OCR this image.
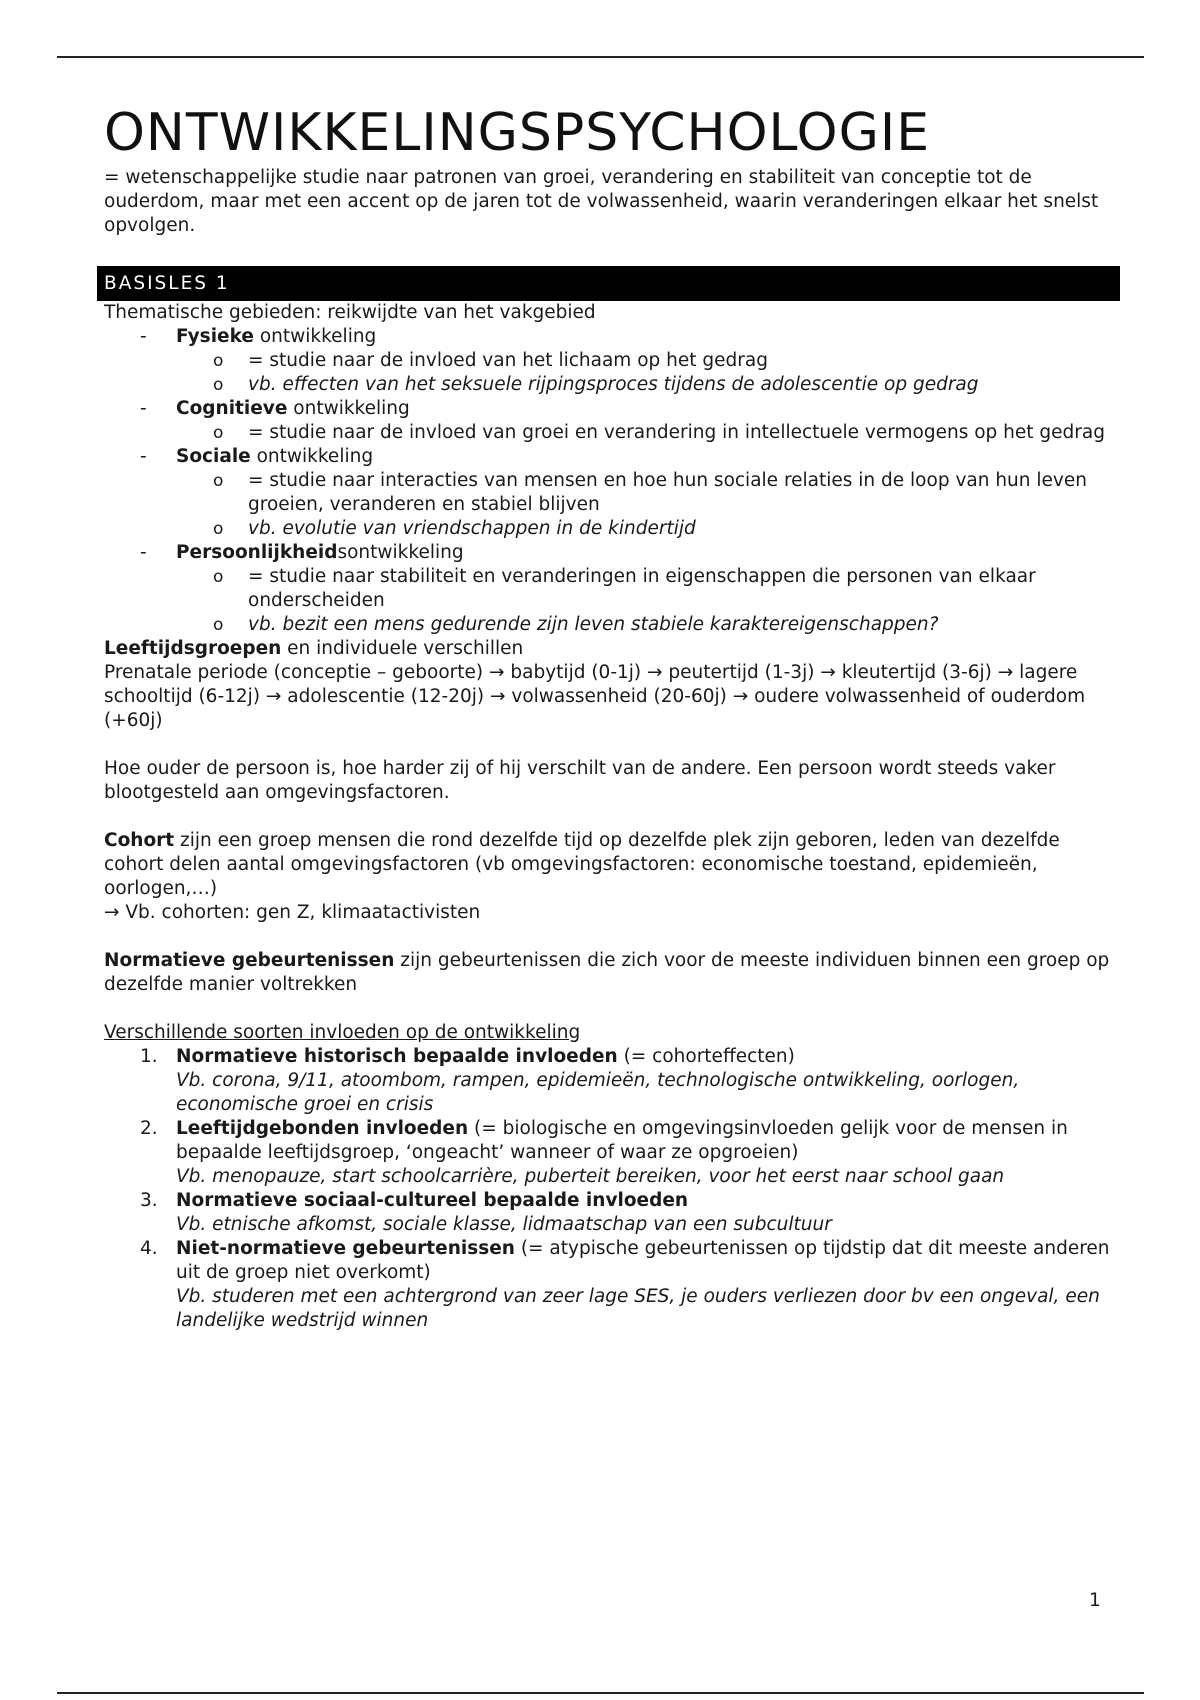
ONTWIKKELINGSPSYCHOLOGIE

= wetenschappelijke studie naar patronen van groei, verandering en stabiliteit van conceptie tot de ouderdom, maar met een accent op de jaren tot de volwassenheid, waarin veranderingen elkaar het snelst opvolgen.

BASISLES 1

Thematische gebieden: reikwijdte van het vakgebied

- Fysieke ontwikkeling
o = studie naar de invloed van het lichaam op het gedrag
o vb. effecten van het seksuele rijpingsproces tijdens de adolescentie op gedrag
- Cognitieve ontwikkeling
o = studie naar de invloed van groei en verandering in intellectuele vermogens op het gedrag
- Sociale ontwikkeling
o = studie naar interacties van mensen en hoe hun sociale relaties in de loop van hun leven groeien, veranderen en stabiel blijven
o vb. evolutie van vriendschappen in de kindertijd
- Persoonlijkheidsontwikkeling
o = studie naar stabiliteit en veranderingen in eigenschappen die personen van elkaar onderscheiden
o vb. bezit een mens gedurende zijn leven stabiele karaktereigenschappen?

Leeftijdsgroepen en individuele verschillen

Prenatale periode (conceptie – geboorte) → babytijd (0-1j) → peutertijd (1-3j) → kleutertijd (3-6j) → lagere schooltijd (6-12j) → adolescentie (12-20j) → volwassenheid (20-60j) → oudere volwassenheid of ouderdom (+60j)

Hoe ouder de persoon is, hoe harder zij of hij verschilt van de andere. Een persoon wordt steeds vaker blootgesteld aan omgevingsfactoren.

Cohort zijn een groep mensen die rond dezelfde tijd op dezelfde plek zijn geboren, leden van dezelfde cohort delen aantal omgevingsfactoren (vb omgevingsfactoren: economische toestand, epidemieën, oorlogen,…)

→ Vb. cohorten: gen Z, klimaatactivisten

Normatieve gebeurtenissen zijn gebeurtenissen die zich voor de meeste individuen binnen een groep op dezelfde manier voltrekken

Verschillende soorten invloeden op de ontwikkeling

1. Normatieve historisch bepaalde invloeden (= cohorteffecten)
Vb. corona, 9/11, atoombom, rampen, epidemieën, technologische ontwikkeling, oorlogen, economische groei en crisis
2. Leeftijdgebonden invloeden (= biologische en omgevingsinvloeden gelijk voor de mensen in bepaalde leeftijdsgroep, ‘ongeacht’ wanneer of waar ze opgroeien)
Vb. menopauze, start schoolcarrière, puberteit bereiken, voor het eerst naar school gaan
3. Normatieve sociaal-cultureel bepaalde invloeden
Vb. etnische afkomst, sociale klasse, lidmaatschap van een subcultuur
4. Niet-normatieve gebeurtenissen (= atypische gebeurtenissen op tijdstip dat dit meeste anderen uit de groep niet overkomt)
Vb. studeren met een achtergrond van zeer lage SES, je ouders verliezen door bv een ongeval, een landelijke wedstrijd winnen
1
